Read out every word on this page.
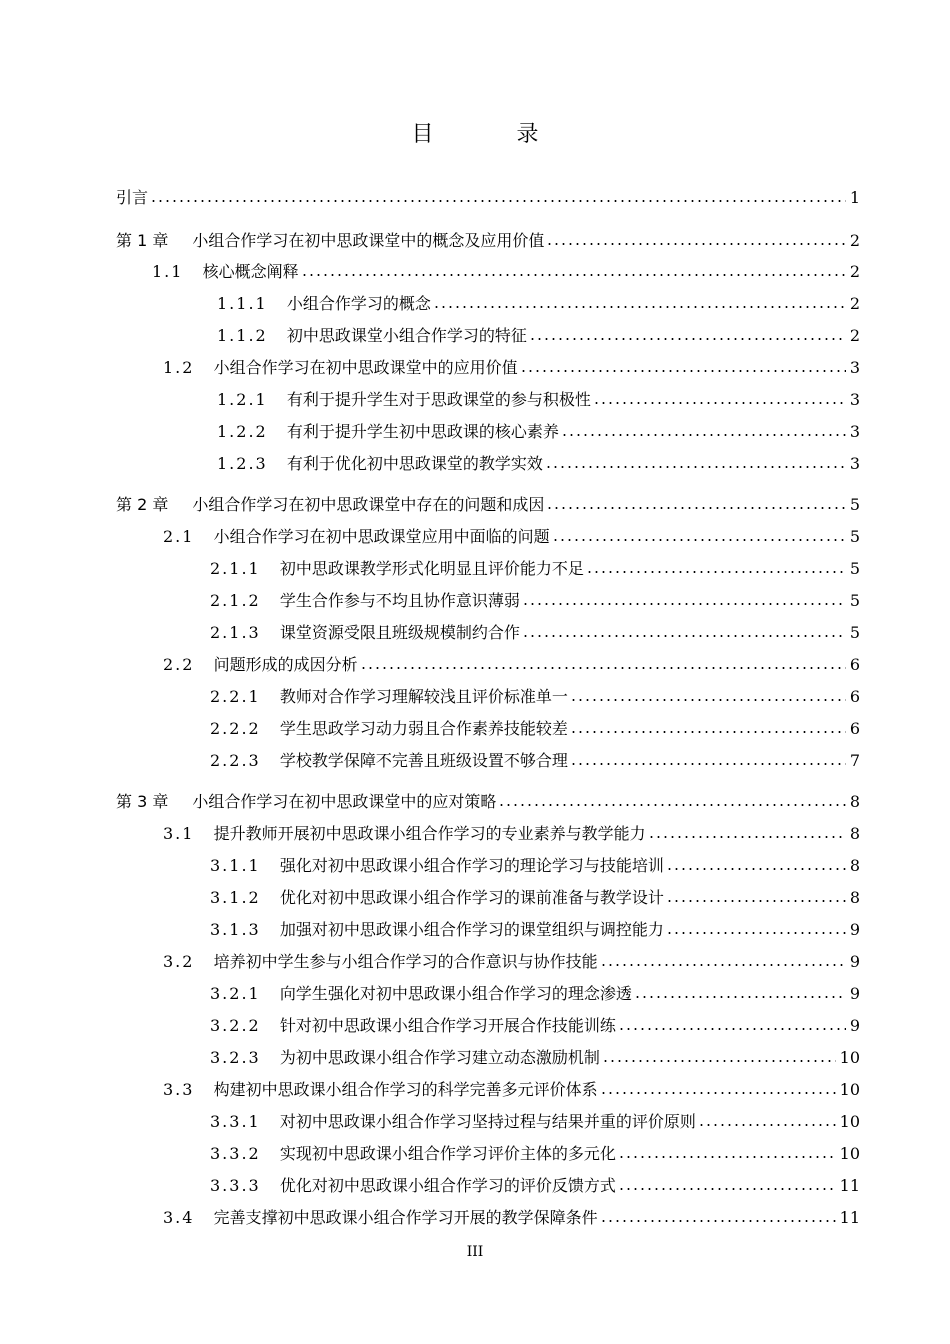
目 录
引言	1
第 1 章 小组合作学习在初中思政课堂中的概念及应用价值	2
1.1 核心概念阐释	2
1.1.1 小组合作学习的概念	2
1.1.2 初中思政课堂小组合作学习的特征	2
1.2 小组合作学习在初中思政课堂中的应用价值	3
1.2.1 有利于提升学生对于思政课堂的参与积极性	3
1.2.2 有利于提升学生初中思政课的核心素养	3
1.2.3 有利于优化初中思政课堂的教学实效	3
第 2 章 小组合作学习在初中思政课堂中存在的问题和成因	5
2.1 小组合作学习在初中思政课堂应用中面临的问题	5
2.1.1 初中思政课教学形式化明显且评价能力不足	5
2.1.2 学生合作参与不均且协作意识薄弱	5
2.1.3 课堂资源受限且班级规模制约合作	5
2.2 问题形成的成因分析	6
2.2.1 教师对合作学习理解较浅且评价标准单一	6
2.2.2 学生思政学习动力弱且合作素养技能较差	6
2.2.3 学校教学保障不完善且班级设置不够合理	7
第 3 章 小组合作学习在初中思政课堂中的应对策略	8
3.1 提升教师开展初中思政课小组合作学习的专业素养与教学能力	8
3.1.1 强化对初中思政课小组合作学习的理论学习与技能培训	8
3.1.2 优化对初中思政课小组合作学习的课前准备与教学设计	8
3.1.3 加强对初中思政课小组合作学习的课堂组织与调控能力	9
3.2 培养初中学生参与小组合作学习的合作意识与协作技能	9
3.2.1 向学生强化对初中思政课小组合作学习的理念渗透	9
3.2.2 针对初中思政课小组合作学习开展合作技能训练	9
3.2.3 为初中思政课小组合作学习建立动态激励机制	10
3.3 构建初中思政课小组合作学习的科学完善多元评价体系	10
3.3.1 对初中思政课小组合作学习坚持过程与结果并重的评价原则	10
3.3.2 实现初中思政课小组合作学习评价主体的多元化	10
3.3.3 优化对初中思政课小组合作学习的评价反馈方式	11
3.4 完善支撑初中思政课小组合作学习开展的教学保障条件	11
III
